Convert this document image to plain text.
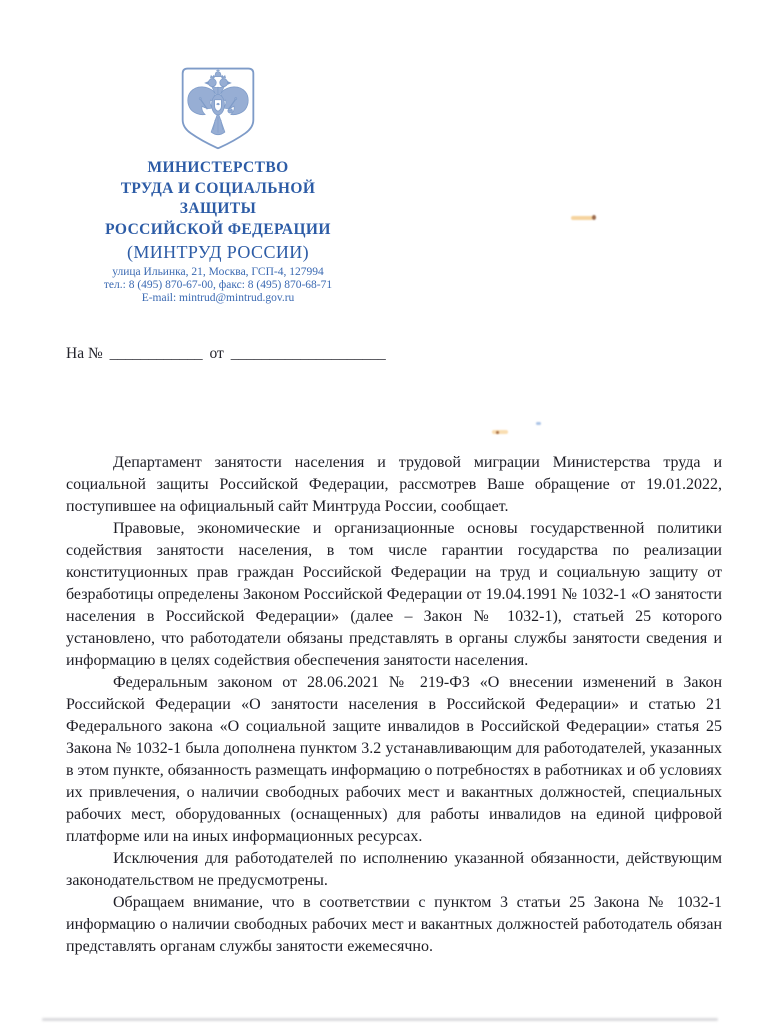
МИНИСТЕРСТВО
ТРУДА И СОЦИАЛЬНОЙ
ЗАЩИТЫ
РОССИЙСКОЙ ФЕДЕРАЦИИ
(МИНТРУД РОССИИ)
улица Ильинка, 21, Москва, ГСП-4, 127994
тел.: 8 (495) 870-67-00, факс: 8 (495) 870-68-71
E-mail: mintrud@mintrud.gov.ru
На № ____________ от ____________________

Департамент занятости населения и трудовой миграции Министерства труда и социальной защиты Российской Федерации, рассмотрев Ваше обращение от 19.01.2022, поступившее на официальный сайт Минтруда России, сообщает.

Правовые, экономические и организационные основы государственной политики содействия занятости населения, в том числе гарантии государства по реализации конституционных прав граждан Российской Федерации на труд и социальную защиту от безработицы определены Законом Российской Федерации от 19.04.1991 № 1032-1 «О занятости населения в Российской Федерации» (далее – Закон № 1032-1), статьей 25 которого установлено, что работодатели обязаны представлять в органы службы занятости сведения и информацию в целях содействия обеспечения занятости населения.

Федеральным законом от 28.06.2021 № 219-ФЗ «О внесении изменений в Закон Российской Федерации «О занятости населения в Российской Федерации» и статью 21 Федерального закона «О социальной защите инвалидов в Российской Федерации» статья 25 Закона № 1032-1 была дополнена пунктом 3.2 устанавливающим для работодателей, указанных в этом пункте, обязанность размещать информацию о потребностях в работниках и об условиях их привлечения, о наличии свободных рабочих мест и вакантных должностей, специальных рабочих мест, оборудованных (оснащенных) для работы инвалидов на единой цифровой платформе или на иных информационных ресурсах.

Исключения для работодателей по исполнению указанной обязанности, действующим законодательством не предусмотрены.

Обращаем внимание, что в соответствии с пунктом 3 статьи 25 Закона № 1032-1 информацию о наличии свободных рабочих мест и вакантных должностей работодатель обязан представлять органам службы занятости ежемесячно.
